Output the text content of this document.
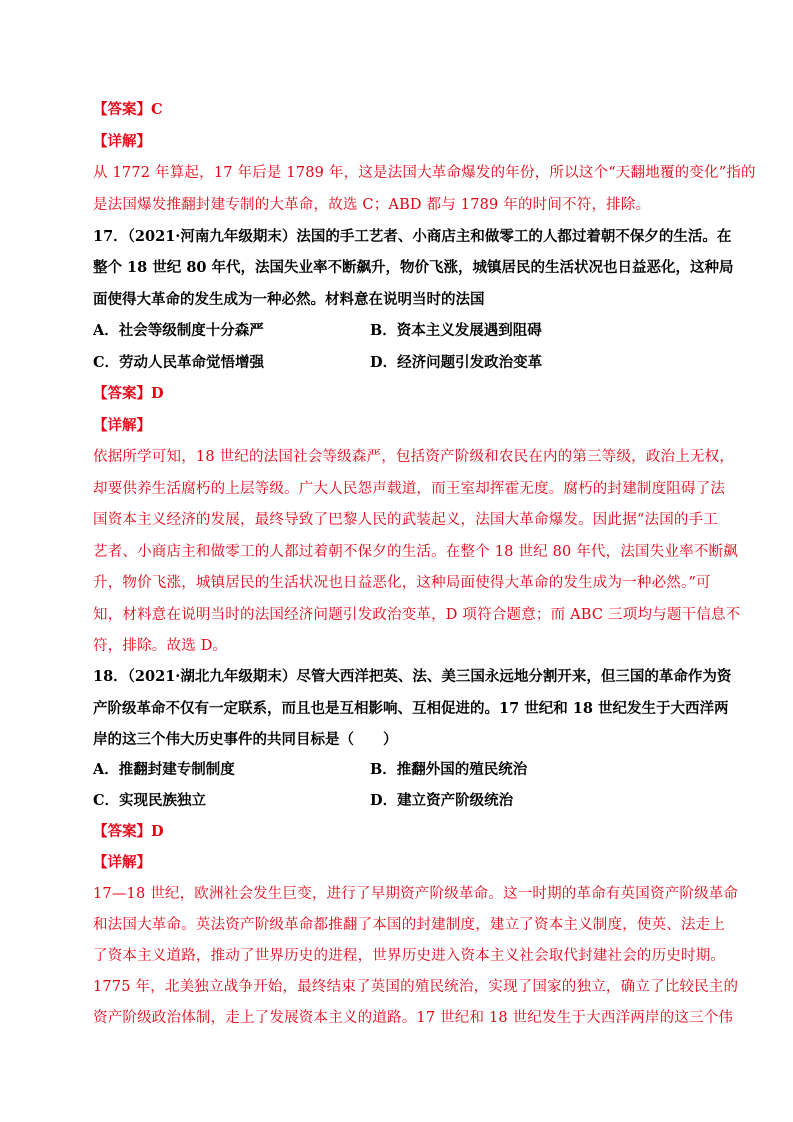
【答案】C
【详解】
从 1772 年算起，17 年后是 1789 年，这是法国大革命爆发的年份，所以这个“天翻地覆的变化”指的
是法国爆发推翻封建专制的大革命，故选 C；ABD 都与 1789 年的时间不符，排除。
17．（2021·河南九年级期末）法国的手工艺者、小商店主和做零工的人都过着朝不保夕的生活。在
整个 18 世纪 80 年代，法国失业率不断飙升，物价飞涨，城镇居民的生活状况也日益恶化，这种局
面使得大革命的发生成为一种必然。材料意在说明当时的法国
A．社会等级制度十分森严	B．资本主义发展遇到阻碍
C．劳动人民革命觉悟增强	D．经济问题引发政治变革
【答案】D
【详解】
依据所学可知，18 世纪的法国社会等级森严，包括资产阶级和农民在内的第三等级，政治上无权，
却要供养生活腐朽的上层等级。广大人民怨声载道，而王室却挥霍无度。腐朽的封建制度阻碍了法
国资本主义经济的发展，最终导致了巴黎人民的武装起义，法国大革命爆发。因此据“法国的手工
艺者、小商店主和做零工的人都过着朝不保夕的生活。在整个 18 世纪 80 年代，法国失业率不断飙
升，物价飞涨，城镇居民的生活状况也日益恶化，这种局面使得大革命的发生成为一种必然。”可
知，材料意在说明当时的法国经济问题引发政治变革，D 项符合题意；而 ABC 三项均与题干信息不
符，排除。故选 D。
18．（2021·湖北九年级期末）尽管大西洋把英、法、美三国永远地分割开来，但三国的革命作为资
产阶级革命不仅有一定联系，而且也是互相影响、互相促进的。17 世纪和 18 世纪发生于大西洋两
岸的这三个伟大历史事件的共同目标是（　　）
A．推翻封建专制制度	B．推翻外国的殖民统治
C．实现民族独立	D．建立资产阶级统治
【答案】D
【详解】
17—18 世纪，欧洲社会发生巨变，进行了早期资产阶级革命。这一时期的革命有英国资产阶级革命
和法国大革命。英法资产阶级革命都推翻了本国的封建制度，建立了资本主义制度，使英、法走上
了资本主义道路，推动了世界历史的进程，世界历史进入资本主义社会取代封建社会的历史时期。
1775 年，北美独立战争开始，最终结束了英国的殖民统治，实现了国家的独立，确立了比较民主的
资产阶级政治体制，走上了发展资本主义的道路。17 世纪和 18 世纪发生于大西洋两岸的这三个伟
